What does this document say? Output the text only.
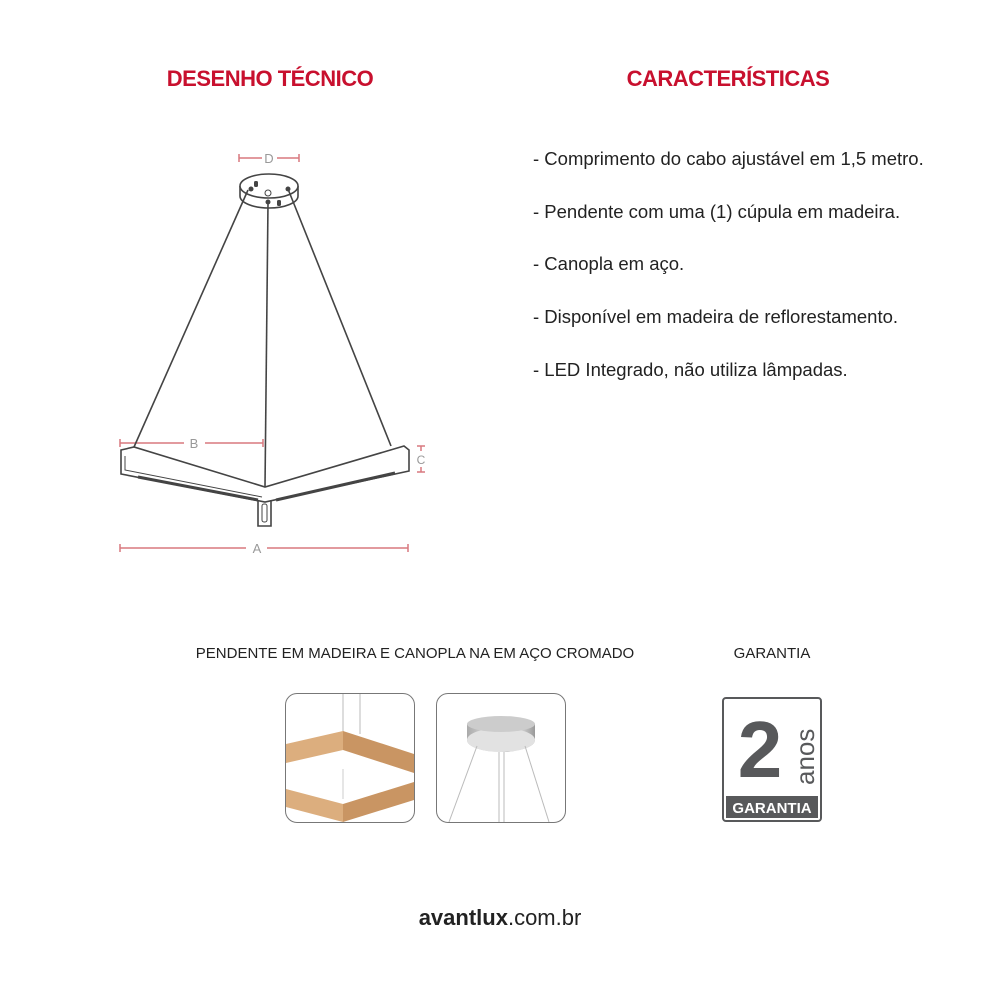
DESENHO TÉCNICO	CARACTERÍSTICAS
D
B
C
A
- Comprimento do cabo ajustável em 1,5 metro.
- Pendente com uma (1) cúpula em madeira.
- Canopla em aço.
- Disponível em madeira de reflorestamento.
- LED Integrado, não utiliza lâmpadas.
PENDENTE EM MADEIRA E CANOPLA NA EM AÇO CROMADO	GARANTIA
2 anos
GARANTIA
avantlux.com.br
